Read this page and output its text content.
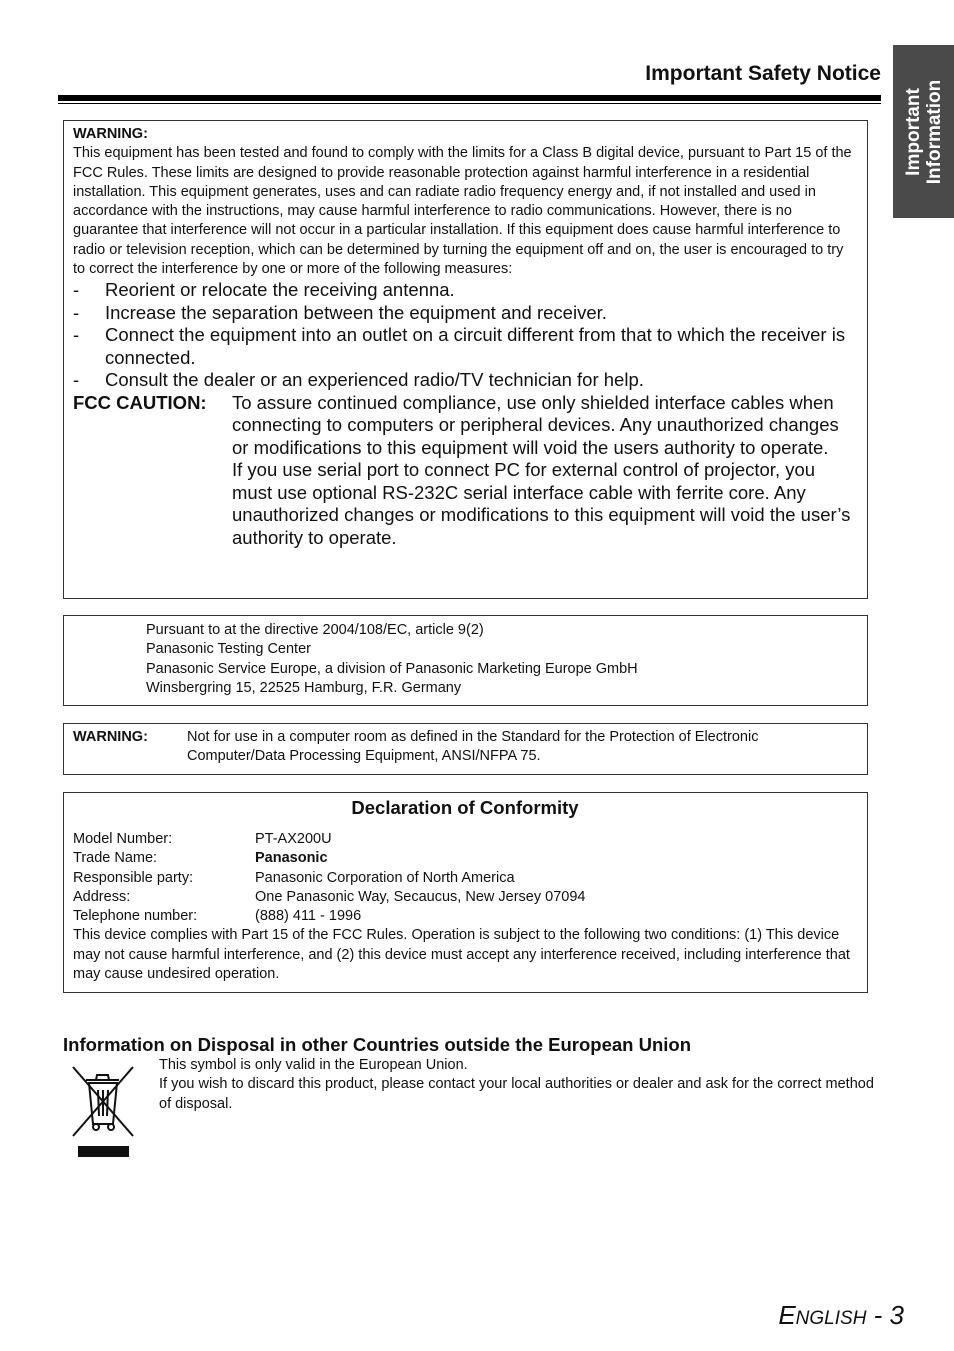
Important Information
Important Safety Notice
WARNING:
This equipment has been tested and found to comply with the limits for a Class B digital device, pursuant to Part 15 of the FCC Rules. These limits are designed to provide reasonable protection against harmful interference in a residential installation. This equipment generates, uses and can radiate radio frequency energy and, if not installed and used in accordance with the instructions, may cause harmful interference to radio communications. However, there is no guarantee that interference will not occur in a particular installation. If this equipment does cause harmful interference to radio or television reception, which can be determined by turning the equipment off and on, the user is encouraged to try to correct the interference by one or more of the following measures:
-	Reorient or relocate the receiving antenna.
-	Increase the separation between the equipment and receiver.
-	Connect the equipment into an outlet on a circuit different from that to which the receiver is connected.
-	Consult the dealer or an experienced radio/TV technician for help.
FCC CAUTION:	To assure continued compliance, use only shielded interface cables when connecting to computers or peripheral devices. Any unauthorized changes or modifications to this equipment will void the users authority to operate.
If you use serial port to connect PC for external control of projector, you must use optional RS-232C serial interface cable with ferrite core. Any unauthorized changes or modifications to this equipment will void the user’s authority to operate.
Pursuant to at the directive 2004/108/EC, article 9(2)
Panasonic Testing Center
Panasonic Service Europe, a division of Panasonic Marketing Europe GmbH
Winsbergring 15, 22525 Hamburg, F.R. Germany
WARNING:	Not for use in a computer room as defined in the Standard for the Protection of Electronic Computer/Data Processing Equipment, ANSI/NFPA 75.
Declaration of Conformity
Model Number:	PT-AX200U
Trade Name:	Panasonic
Responsible party:	Panasonic Corporation of North America
Address:	One Panasonic Way, Secaucus, New Jersey 07094
Telephone number:	(888) 411 - 1996
This device complies with Part 15 of the FCC Rules. Operation is subject to the following two conditions: (1) This device may not cause harmful interference, and (2) this device must accept any interference received, including interference that may cause undesired operation.
Information on Disposal in other Countries outside the European Union
This symbol is only valid in the European Union.
If you wish to discard this product, please contact your local authorities or dealer and ask for the correct method of disposal.
ENGLISH - 3
